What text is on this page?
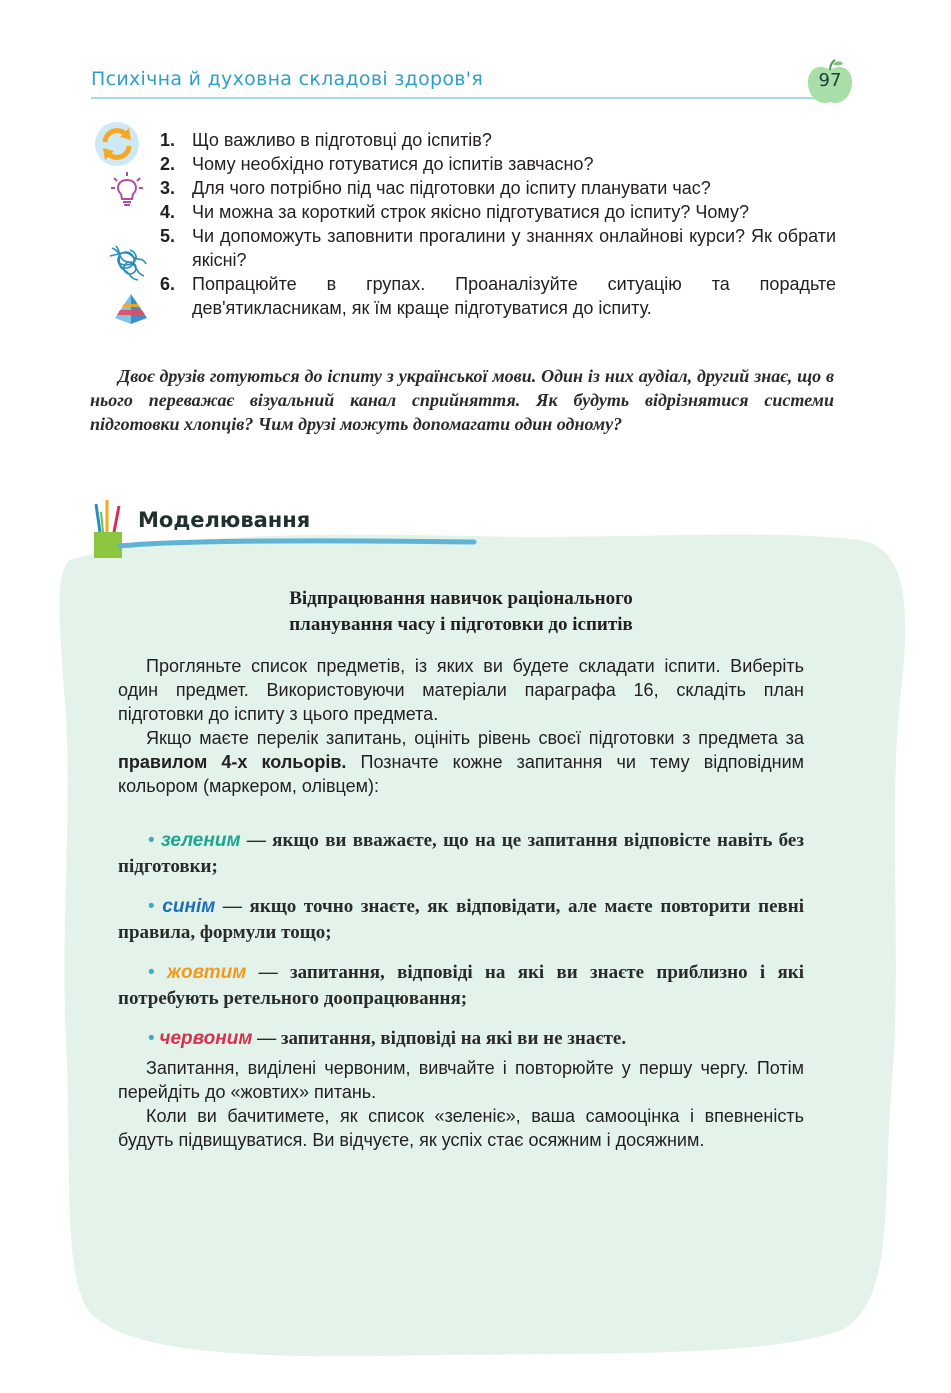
Психічна й духовна складові здоров'я	97
1. Що важливо в підготовці до іспитів?
2. Чому необхідно готуватися до іспитів завчасно?
3. Для чого потрібно під час підготовки до іспиту планувати час?
4. Чи можна за короткий строк якісно підготуватися до іспиту? Чому?
5. Чи допоможуть заповнити прогалини у знаннях онлайнові курси? Як обрати якісні?
6. Попрацюйте в групах. Проаналізуйте ситуацію та порадьте дев'ятикласникам, як їм краще підготуватися до іспиту.

Двоє друзів готуються до іспиту з української мови. Один із них аудіал, другий знає, що в нього переважає візуальний канал сприйняття. Як будуть відрізнятися системи підготовки хлопців? Чим друзі можуть допомагати один одному?

Моделювання
Відпрацювання навичок раціонального
планування часу і підготовки до іспитів

Прогляньте список предметів, із яких ви будете складати іспити. Виберіть один предмет. Використовуючи матеріали параграфа 16, складіть план підготовки до іспиту з цього предмета.

Якщо маєте перелік запитань, оцініть рівень своєї підготовки з предмета за правилом 4-х кольорів. Позначте кожне запитання чи тему відповідним кольором (маркером, олівцем):

• зеленим — якщо ви вважаєте, що на це запитання відповісте навіть без підготовки;

• синім — якщо точно знаєте, як відповідати, але маєте повторити певні правила, формули тощо;

• жовтим — запитання, відповіді на які ви знаєте приблизно і які потребують ретельного доопрацювання;

• червоним — запитання, відповіді на які ви не знаєте.

Запитання, виділені червоним, вивчайте і повторюйте у першу чергу. Потім перейдіть до «жовтих» питань.

Коли ви бачитимете, як список «зеленіє», ваша самооцінка і впевненість будуть підвищуватися. Ви відчуєте, як успіх стає осяжним і досяжним.
